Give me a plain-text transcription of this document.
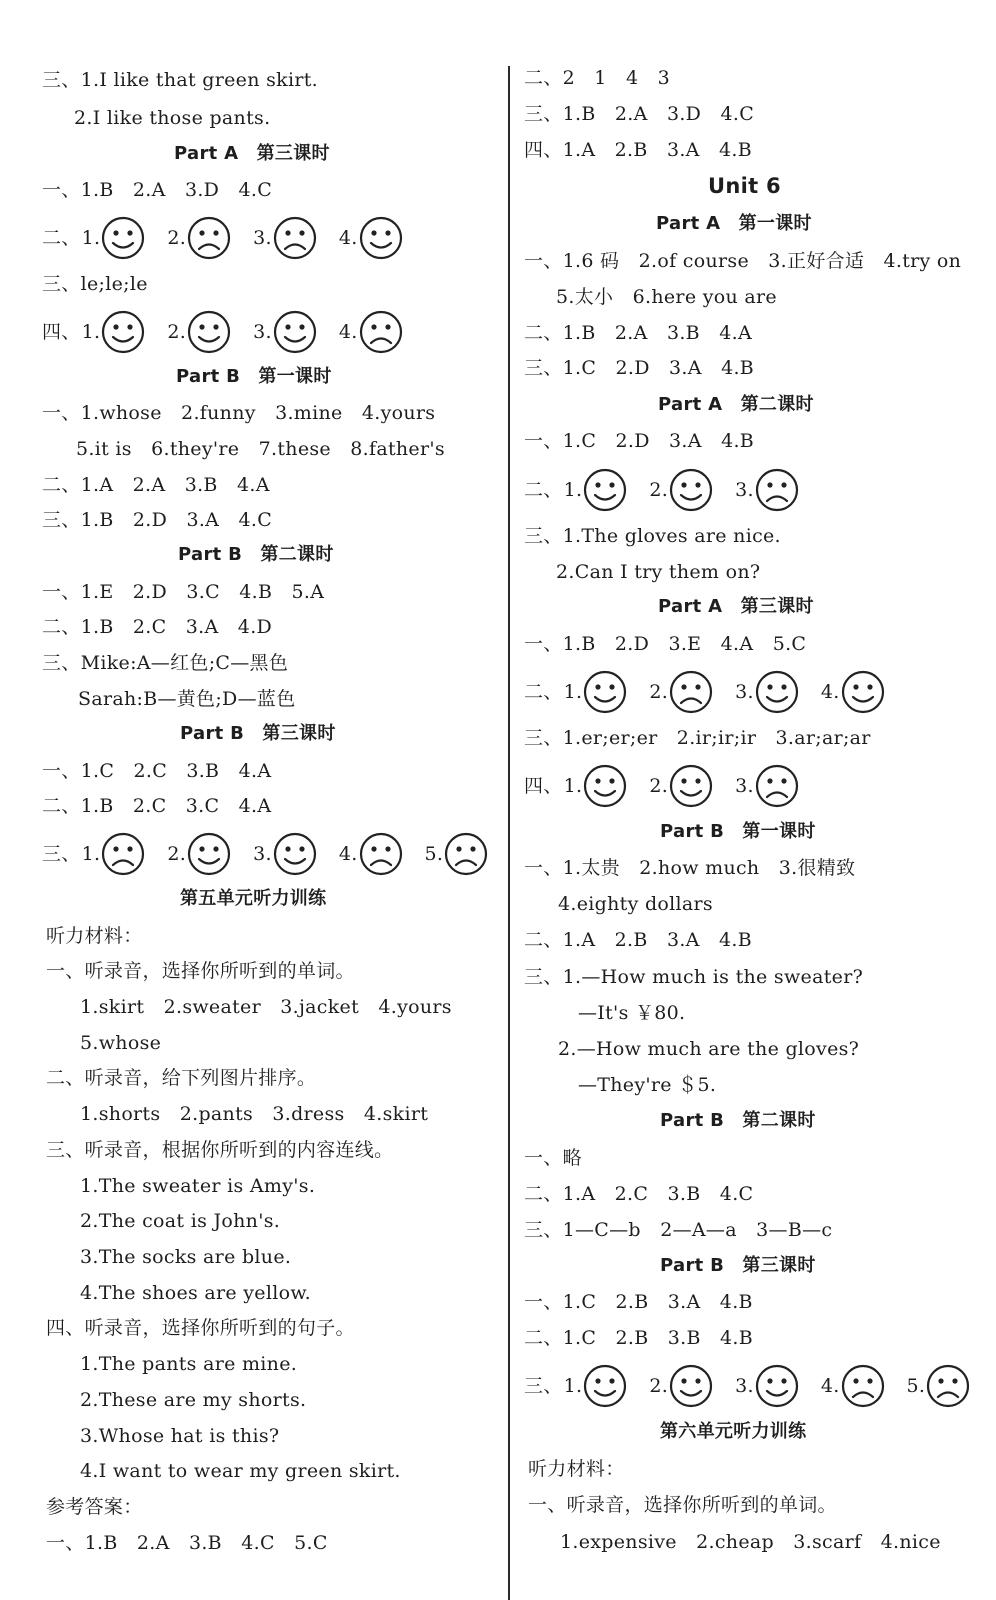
三、1.I like that green skirt.
2.I like those pants.
Part A　第三课时
一、1.B　2.A　3.D　4.C
二、 1.	2.	3.	4.
三、le;le;le
四、 1.	2.	3.	4.
Part B　第一课时
一、1.whose　2.funny　3.mine　4.yours
5.it is　6.they're　7.these　8.father's
二、1.A　2.A　3.B　4.A
三、1.B　2.D　3.A　4.C
Part B　第二课时
一、1.E　2.D　3.C　4.B　5.A
二、1.B　2.C　3.A　4.D
三、Mike:A—红色;C—黑色
Sarah:B—黄色;D—蓝色
Part B　第三课时
一、1.C　2.C　3.B　4.A
二、1.B　2.C　3.C　4.A
三、 1.	2.	3.	4.	5.
第五单元听力训练
听力材料：
一、听录音，选择你所听到的单词。
1.skirt　2.sweater　3.jacket　4.yours
5.whose
二、听录音，给下列图片排序。
1.shorts　2.pants　3.dress　4.skirt
三、听录音，根据你所听到的内容连线。
1.The sweater is Amy's.
2.The coat is John's.
3.The socks are blue.
4.The shoes are yellow.
四、听录音，选择你所听到的句子。
1.The pants are mine.
2.These are my shorts.
3.Whose hat is this?
4.I want to wear my green skirt.
参考答案：
一、1.B　2.A　3.B　4.C　5.C
二、2　1　4　3
三、1.B　2.A　3.D　4.C
四、1.A　2.B　3.A　4.B
Unit 6
Part A　第一课时
一、1.6 码　2.of course　3.正好合适　4.try on
5.太小　6.here you are
二、1.B　2.A　3.B　4.A
三、1.C　2.D　3.A　4.B
Part A　第二课时
一、1.C　2.D　3.A　4.B
二、 1.	2.	3.
三、1.The gloves are nice.
2.Can I try them on?
Part A　第三课时
一、1.B　2.D　3.E　4.A　5.C
二、 1.	2.	3.	4.
三、1.er;er;er　2.ir;ir;ir　3.ar;ar;ar
四、 1.	2.	3.
Part B　第一课时
一、1.太贵　2.how much　3.很精致
4.eighty dollars
二、1.A　2.B　3.A　4.B
三、1.—How much is the sweater?
—It's ￥80.
2.—How much are the gloves?
—They're ＄5.
Part B　第二课时
一、略
二、1.A　2.C　3.B　4.C
三、1—C—b　2—A—a　3—B—c
Part B　第三课时
一、1.C　2.B　3.A　4.B
二、1.C　2.B　3.B　4.B
三、 1.	2.	3.	4.	5.
第六单元听力训练
听力材料：
一、听录音，选择你所听到的单词。
1.expensive　2.cheap　3.scarf　4.nice
